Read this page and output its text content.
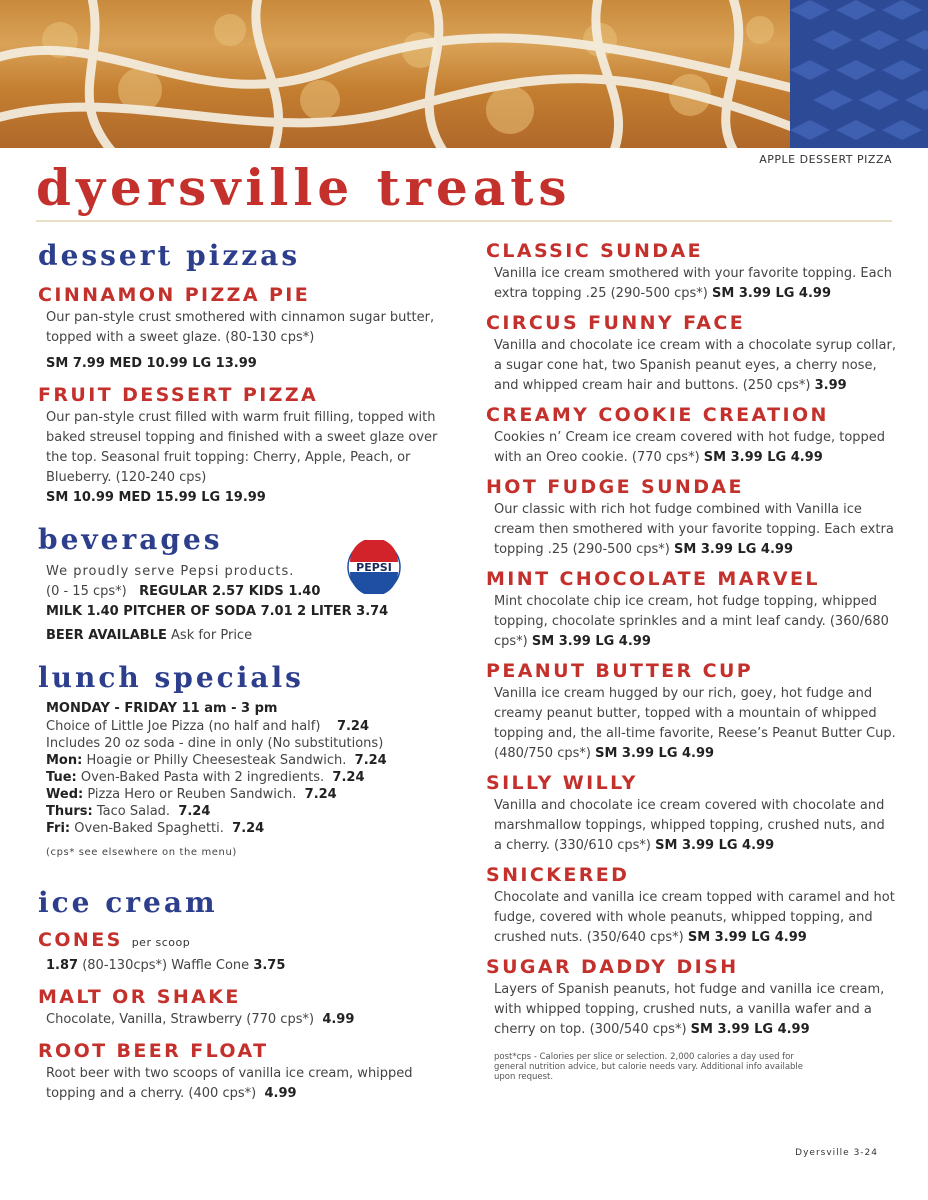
APPLE DESSERT PIZZA
dyersville treats
dessert pizzas
CINNAMON PIZZA PIE
Our pan-style crust smothered with cinnamon sugar butter, topped with a sweet glaze. (80-130 cps*)
SM 7.99 MED 10.99 LG 13.99
FRUIT DESSERT PIZZA
Our pan-style crust filled with warm fruit filling, topped with baked streusel topping and finished with a sweet glaze over the top. Seasonal fruit topping: Cherry, Apple, Peach, or Blueberry. (120-240 cps)
SM 10.99 MED 15.99 LG 19.99
beverages
We proudly serve Pepsi products.
(0 - 15 cps*) REGULAR 2.57 KIDS 1.40
MILK 1.40 PITCHER OF SODA 7.01 2 LITER 3.74
BEER AVAILABLE Ask for Price
lunch specials
MONDAY - FRIDAY 11 am - 3 pm
Choice of Little Joe Pizza (no half and half) 7.24
Includes 20 oz soda - dine in only (No substitutions)
Mon: Hoagie or Philly Cheesesteak Sandwich. 7.24
Tue: Oven-Baked Pasta with 2 ingredients. 7.24
Wed: Pizza Hero or Reuben Sandwich. 7.24
Thurs: Taco Salad. 7.24
Fri: Oven-Baked Spaghetti. 7.24
(cps* see elsewhere on the menu)
ice cream
CONES per scoop
1.87 (80-130cps*) Waffle Cone 3.75
MALT OR SHAKE
Chocolate, Vanilla, Strawberry (770 cps*) 4.99
ROOT BEER FLOAT
Root beer with two scoops of vanilla ice cream, whipped topping and a cherry. (400 cps*) 4.99
PEPSI
CLASSIC SUNDAE
Vanilla ice cream smothered with your favorite topping. Each extra topping .25 (290-500 cps*) SM 3.99 LG 4.99
CIRCUS FUNNY FACE
Vanilla and chocolate ice cream with a chocolate syrup collar, a sugar cone hat, two Spanish peanut eyes, a cherry nose, and whipped cream hair and buttons. (250 cps*) 3.99
CREAMY COOKIE CREATION
Cookies n’ Cream ice cream covered with hot fudge, topped with an Oreo cookie. (770 cps*) SM 3.99 LG 4.99
HOT FUDGE SUNDAE
Our classic with rich hot fudge combined with Vanilla ice cream then smothered with your favorite topping. Each extra topping .25 (290-500 cps*) SM 3.99 LG 4.99
MINT CHOCOLATE MARVEL
Mint chocolate chip ice cream, hot fudge topping, whipped topping, chocolate sprinkles and a mint leaf candy. (360/680 cps*) SM 3.99 LG 4.99
PEANUT BUTTER CUP
Vanilla ice cream hugged by our rich, goey, hot fudge and creamy peanut butter, topped with a mountain of whipped topping and, the all-time favorite, Reese’s Peanut Butter Cup. (480/750 cps*) SM 3.99 LG 4.99
SILLY WILLY
Vanilla and chocolate ice cream covered with chocolate and marshmallow toppings, whipped topping, crushed nuts, and a cherry. (330/610 cps*) SM 3.99 LG 4.99
SNICKERED
Chocolate and vanilla ice cream topped with caramel and hot fudge, covered with whole peanuts, whipped topping, and crushed nuts. (350/640 cps*) SM 3.99 LG 4.99
SUGAR DADDY DISH
Layers of Spanish peanuts, hot fudge and vanilla ice cream, with whipped topping, crushed nuts, a vanilla wafer and a cherry on top. (300/540 cps*) SM 3.99 LG 4.99
post*cps - Calories per slice or selection. 2,000 calories a day used for general nutrition advice, but calorie needs vary. Additional info available upon request.
Dyersville 3-24
